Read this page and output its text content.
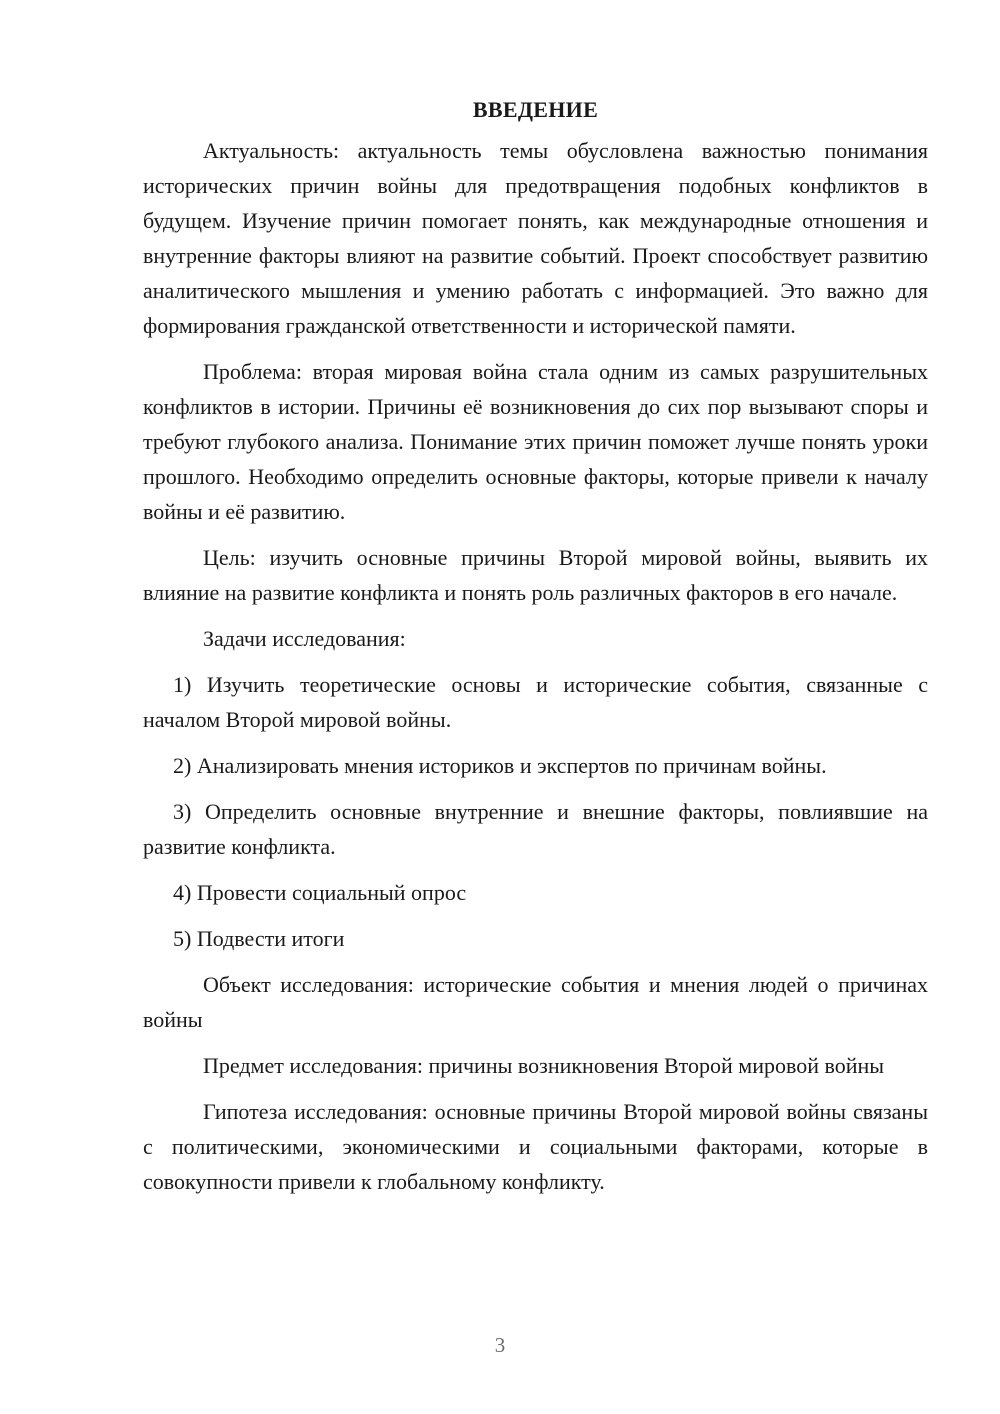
ВВЕДЕНИЕ

Актуальность: актуальность темы обусловлена важностью понимания исторических причин войны для предотвращения подобных конфликтов в будущем. Изучение причин помогает понять, как международные отношения и внутренние факторы влияют на развитие событий. Проект способствует развитию аналитического мышления и умению работать с информацией. Это важно для формирования гражданской ответственности и исторической памяти.

Проблема: вторая мировая война стала одним из самых разрушительных конфликтов в истории. Причины её возникновения до сих пор вызывают споры и требуют глубокого анализа. Понимание этих причин поможет лучше понять уроки прошлого. Необходимо определить основные факторы, которые привели к началу войны и её развитию.

Цель: изучить основные причины Второй мировой войны, выявить их влияние на развитие конфликта и понять роль различных факторов в его начале.

Задачи исследования:

1) Изучить теоретические основы и исторические события, связанные с началом Второй мировой войны.

2) Анализировать мнения историков и экспертов по причинам войны.

3) Определить основные внутренние и внешние факторы, повлиявшие на развитие конфликта.

4) Провести социальный опрос

5) Подвести итоги

Объект исследования: исторические события и мнения людей о причинах войны

Предмет исследования: причины возникновения Второй мировой войны

Гипотеза исследования: основные причины Второй мировой войны связаны с политическими, экономическими и социальными факторами, которые в совокупности привели к глобальному конфликту.

3
